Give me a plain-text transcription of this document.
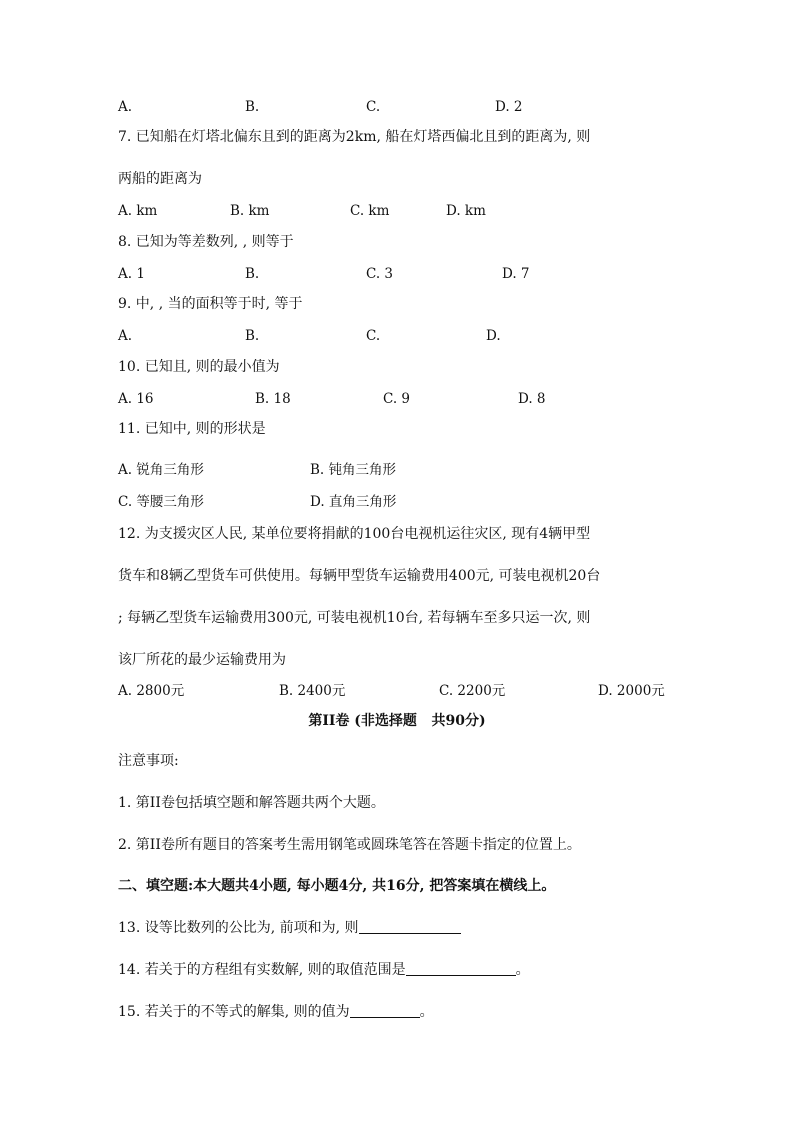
A.	B.	C.	D. 2
7. 已知船在灯塔北偏东且到的距离为2km, 船在灯塔西偏北且到的距离为, 则
两船的距离为
A. km	B. km	C. km	D. km
8. 已知为等差数列, , 则等于
A. 1	B.	C. 3	D. 7
9. 中, , 当的面积等于时, 等于
A.	B.	C.	D.
10. 已知且, 则的最小值为
A. 16	B. 18	C. 9	D. 8
11. 已知中, 则的形状是
A. 锐角三角形	B. 钝角三角形
C. 等腰三角形	D. 直角三角形
12. 为支援灾区人民, 某单位要将捐献的100台电视机运往灾区, 现有4辆甲型
货车和8辆乙型货车可供使用。每辆甲型货车运输费用400元, 可装电视机20台
; 每辆乙型货车运输费用300元, 可装电视机10台, 若每辆车至多只运一次, 则
该厂所花的最少运输费用为
A. 2800元	B. 2400元	C. 2200元	D. 2000元
第II卷 (非选择题   共90分)
注意事项:
1. 第II卷包括填空题和解答题共两个大题。
2. 第II卷所有题目的答案考生需用钢笔或圆珠笔答在答题卡指定的位置上。
二、填空题:本大题共4小题, 每小题4分, 共16分, 把答案填在横线上。
13. 设等比数列的公比为, 前项和为, 则
14. 若关于的方程组有实数解, 则的取值范围是	。
15. 若关于的不等式的解集, 则的值为	。
